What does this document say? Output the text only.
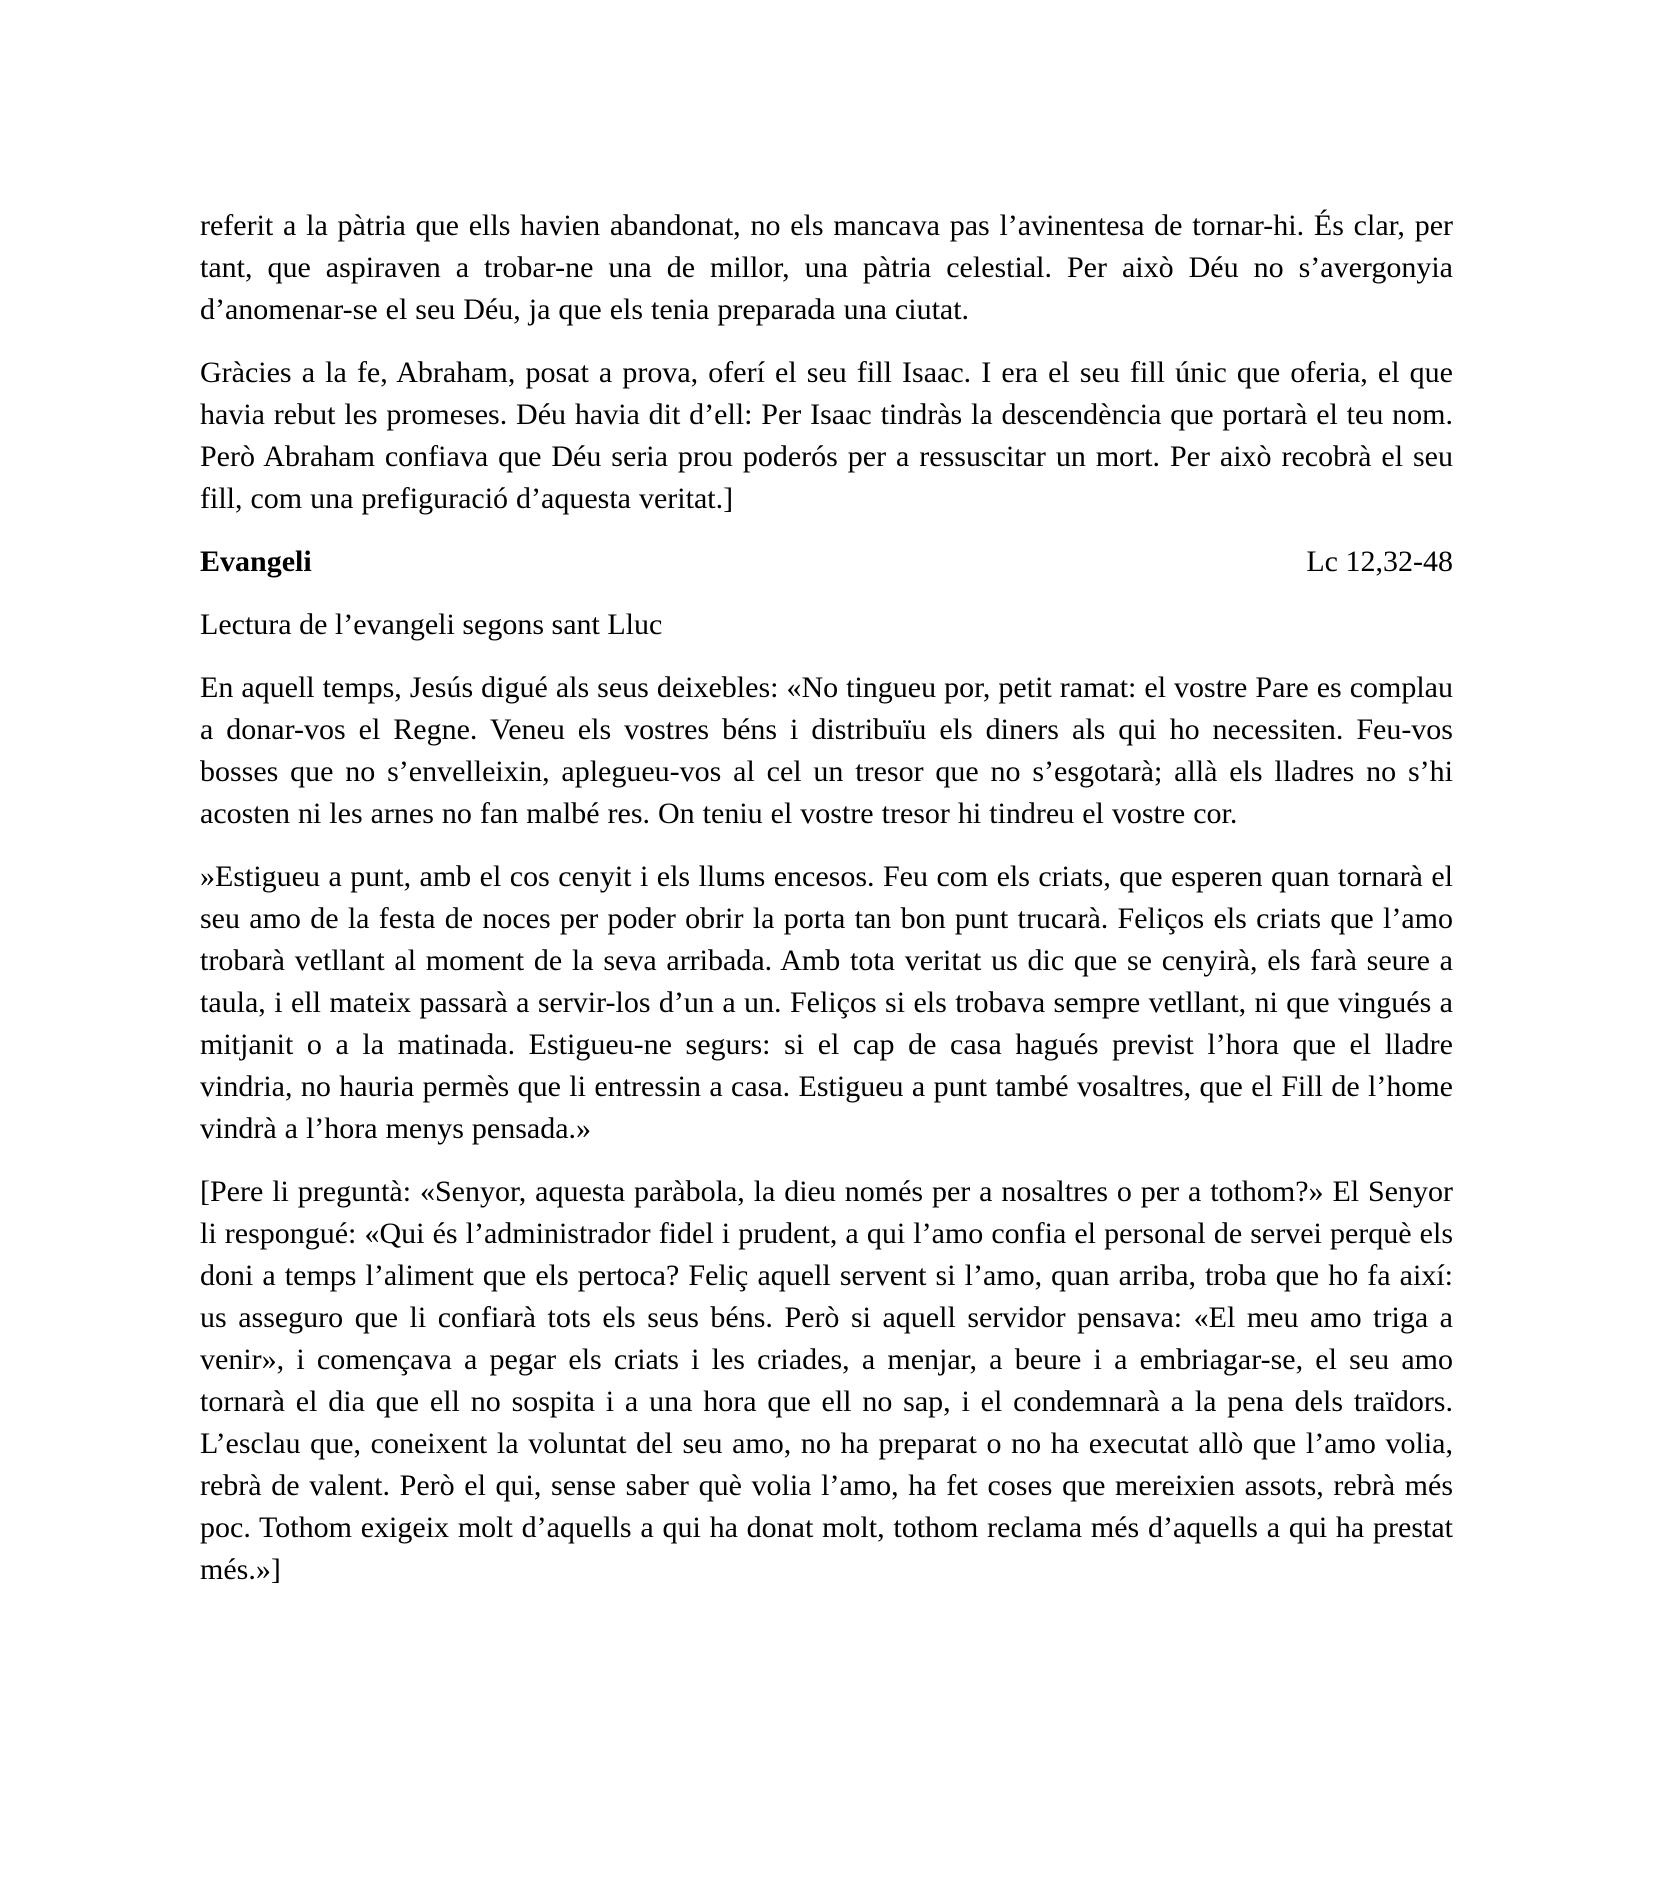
referit a la pàtria que ells havien abandonat, no els mancava pas l’avinentesa de tornar-hi. És clar, per tant, que aspiraven a trobar-ne una de millor, una pàtria celestial. Per això Déu no s’avergonyia d’anomenar-se el seu Déu, ja que els tenia preparada una ciutat.

Gràcies a la fe, Abraham, posat a prova, oferí el seu fill Isaac. I era el seu fill únic que oferia, el que havia rebut les promeses. Déu havia dit d’ell: Per Isaac tindràs la descendència que portarà el teu nom. Però Abraham confiava que Déu seria prou poderós per a ressuscitar un mort. Per això recobrà el seu fill, com una prefiguració d’aquesta veritat.]

Evangeli	Lc 12,32-48

Lectura de l’evangeli segons sant Lluc

En aquell temps, Jesús digué als seus deixebles: «No tingueu por, petit ramat: el vostre Pare es complau a donar-vos el Regne. Veneu els vostres béns i distribuïu els diners als qui ho necessiten. Feu-vos bosses que no s’envelleixin, aplegueu-vos al cel un tresor que no s’esgotarà; allà els lladres no s’hi acosten ni les arnes no fan malbé res. On teniu el vostre tresor hi tindreu el vostre cor.

»Estigueu a punt, amb el cos cenyit i els llums encesos. Feu com els criats, que esperen quan tornarà el seu amo de la festa de noces per poder obrir la porta tan bon punt trucarà. Feliços els criats que l’amo trobarà vetllant al moment de la seva arribada. Amb tota veritat us dic que se cenyirà, els farà seure a taula, i ell mateix passarà a servir-los d’un a un. Feliços si els trobava sempre vetllant, ni que vingués a mitjanit o a la matinada. Estigueu-ne segurs: si el cap de casa hagués previst l’hora que el lladre vindria, no hauria permès que li entressin a casa. Estigueu a punt també vosaltres, que el Fill de l’home vindrà a l’hora menys pensada.»

[Pere li preguntà: «Senyor, aquesta paràbola, la dieu només per a nosaltres o per a tothom?» El Senyor li respongué: «Qui és l’administrador fidel i prudent, a qui l’amo confia el personal de servei perquè els doni a temps l’aliment que els pertoca? Feliç aquell servent si l’amo, quan arriba, troba que ho fa així: us asseguro que li confiarà tots els seus béns. Però si aquell servidor pensava: «El meu amo triga a venir», i començava a pegar els criats i les criades, a menjar, a beure i a embriagar-se, el seu amo tornarà el dia que ell no sospita i a una hora que ell no sap, i el condemnarà a la pena dels traïdors. L’esclau que, coneixent la voluntat del seu amo, no ha preparat o no ha executat allò que l’amo volia, rebrà de valent. Però el qui, sense saber què volia l’amo, ha fet coses que mereixien assots, rebrà més poc. Tothom exigeix molt d’aquells a qui ha donat molt, tothom reclama més d’aquells a qui ha prestat més.»]
